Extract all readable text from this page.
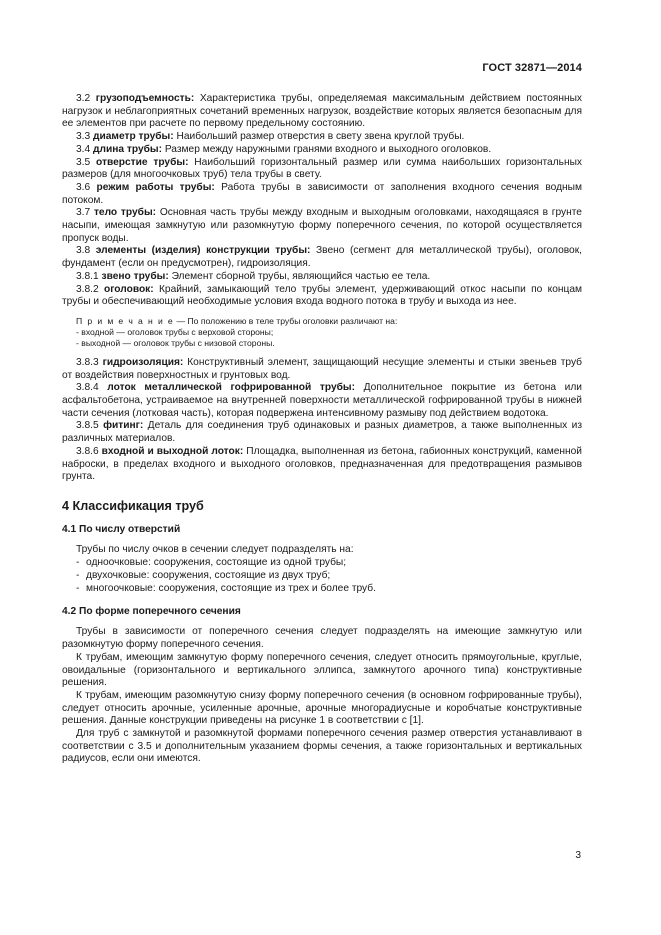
ГОСТ 32871—2014

3.2 грузоподъемность: Характеристика трубы, определяемая максимальным действием постоянных нагрузок и неблагоприятных сочетаний временных нагрузок, воздействие которых является безопасным для ее элементов при расчете по первому предельному состоянию.

3.3 диаметр трубы: Наибольший размер отверстия в свету звена круглой трубы.

3.4 длина трубы: Размер между наружными гранями входного и выходного оголовков.

3.5 отверстие трубы: Наибольший горизонтальный размер или сумма наибольших горизонтальных размеров (для многоочковых труб) тела трубы в свету.

3.6 режим работы трубы: Работа трубы в зависимости от заполнения входного сечения водным потоком.

3.7 тело трубы: Основная часть трубы между входным и выходным оголовками, находящаяся в грунте насыпи, имеющая замкнутую или разомкнутую форму поперечного сечения, по которой осуществляется пропуск воды.

3.8 элементы (изделия) конструкции трубы: Звено (сегмент для металлической трубы), оголовок, фундамент (если он предусмотрен), гидроизоляция.

3.8.1 звено трубы: Элемент сборной трубы, являющийся частью ее тела.

3.8.2 оголовок: Крайний, замыкающий тело трубы элемент, удерживающий откос насыпи по концам трубы и обеспечивающий необходимые условия входа водного потока в трубу и выхода из нее.

П р и м е ч а н и е — По положению в теле трубы оголовки различают на:
- входной — оголовок трубы с верховой стороны;
- выходной — оголовок трубы с низовой стороны.

3.8.3 гидроизоляция: Конструктивный элемент, защищающий несущие элементы и стыки звеньев труб от воздействия поверхностных и грунтовых вод.

3.8.4 лоток металлической гофрированной трубы: Дополнительное покрытие из бетона или асфальтобетона, устраиваемое на внутренней поверхности металлической гофрированной трубы в нижней части сечения (лотковая часть), которая подвержена интенсивному размыву под действием водотока.

3.8.5 фитинг: Деталь для соединения труб одинаковых и разных диаметров, а также выполненных из различных материалов.

3.8.6 входной и выходной лоток: Площадка, выполненная из бетона, габионных конструкций, каменной наброски, в пределах входного и выходного оголовков, предназначенная для предотвращения размывов грунта.

4 Классификация труб
4.1 По числу отверстий

Трубы по числу очков в сечении следует подразделять на:

- одноочковые: сооружения, состоящие из одной трубы;
- двухочковые: сооружения, состоящие из двух труб;
- многоочковые: сооружения, состоящие из трех и более труб.
4.2 По форме поперечного сечения

Трубы в зависимости от поперечного сечения следует подразделять на имеющие замкнутую или разомкнутую форму поперечного сечения.

К трубам, имеющим замкнутую форму поперечного сечения, следует относить прямоугольные, круглые, овоидальные (горизонтального и вертикального эллипса, замкнутого арочного типа) конструктивные решения.

К трубам, имеющим разомкнутую снизу форму поперечного сечения (в основном гофрированные трубы), следует относить арочные, усиленные арочные, арочные многорадиусные и коробчатые конструктивные решения. Данные конструкции приведены на рисунке 1 в соответствии с [1].

Для труб с замкнутой и разомкнутой формами поперечного сечения размер отверстия устанавливают в соответствии с 3.5 и дополнительным указанием формы сечения, а также горизонтальных и вертикальных радиусов, если они имеются.

3
